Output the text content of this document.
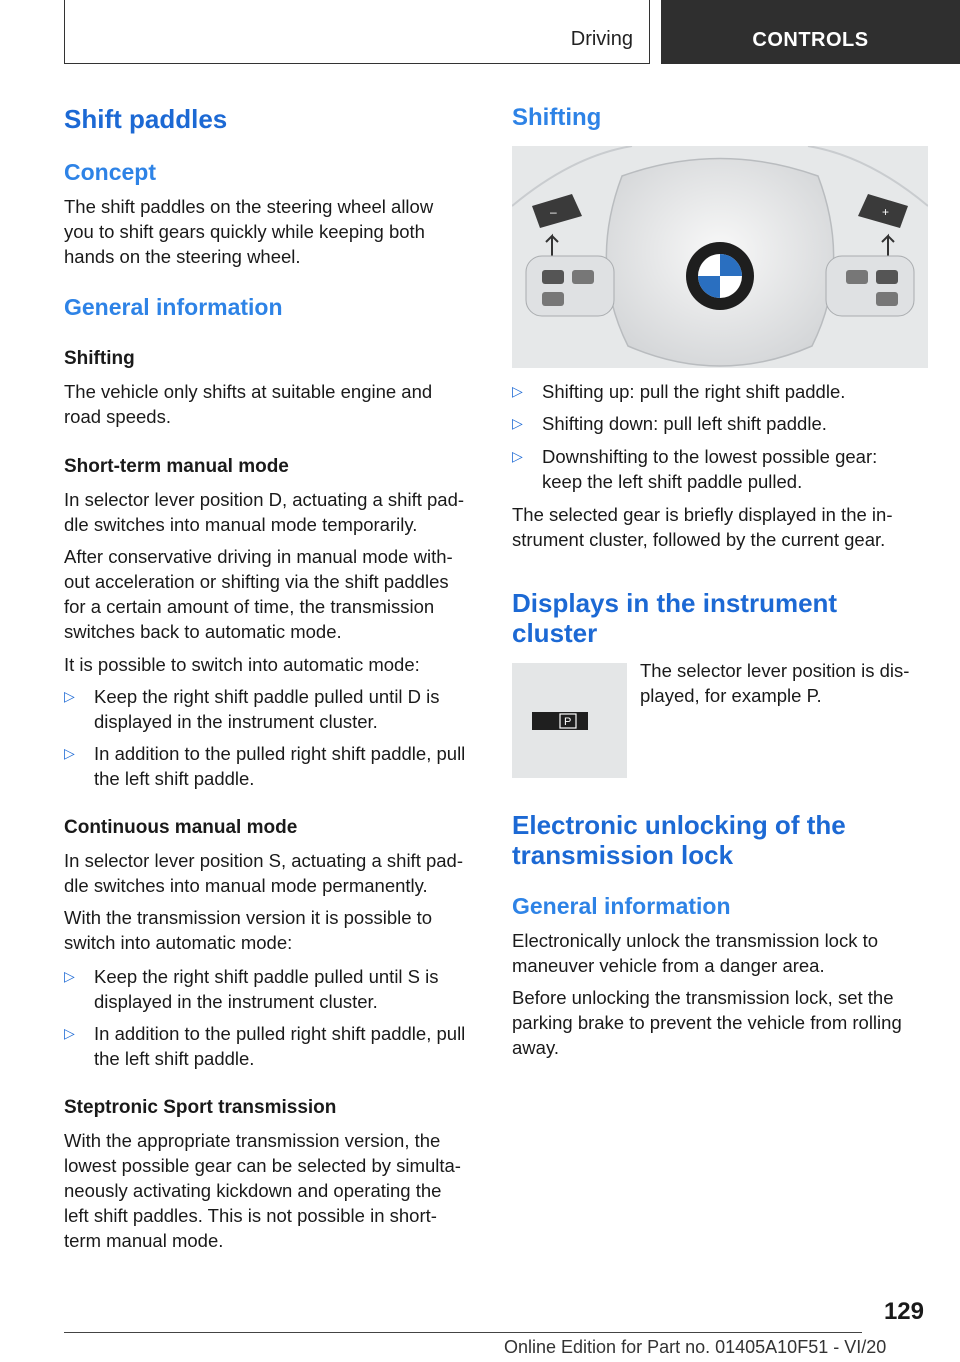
Driving	CONTROLS
Shift paddles
Concept
The shift paddles on the steering wheel allow
you to shift gears quickly while keeping both
hands on the steering wheel.
General information
Shifting
The vehicle only shifts at suitable engine and
road speeds.
Short-term manual mode
In selector lever position D, actuating a shift pad-
dle switches into manual mode temporarily.
After conservative driving in manual mode with-
out acceleration or shifting via the shift paddles
for a certain amount of time, the transmission
switches back to automatic mode.
It is possible to switch into automatic mode:
▷ Keep the right shift paddle pulled until D is
displayed in the instrument cluster.
▷ In addition to the pulled right shift paddle, pull
the left shift paddle.
Continuous manual mode
In selector lever position S, actuating a shift pad-
dle switches into manual mode permanently.
With the transmission version it is possible to
switch into automatic mode:
▷ Keep the right shift paddle pulled until S is
displayed in the instrument cluster.
▷ In addition to the pulled right shift paddle, pull
the left shift paddle.
Steptronic Sport transmission
With the appropriate transmission version, the
lowest possible gear can be selected by simulta-
neously activating kickdown and operating the
left shift paddles. This is not possible in short-
term manual mode.
Shifting
–	+
▷ Shifting up: pull the right shift paddle.
▷ Shifting down: pull left shift paddle.
▷ Downshifting to the lowest possible gear:
keep the left shift paddle pulled.
The selected gear is briefly displayed in the in-
strument cluster, followed by the current gear.
Displays in the instrument
cluster
P
The selector lever position is dis-
played, for example P.
Electronic unlocking of the
transmission lock
General information
Electronically unlock the transmission lock to
maneuver vehicle from a danger area.
Before unlocking the transmission lock, set the
parking brake to prevent the vehicle from rolling
away.
129
Online Edition for Part no. 01405A10F51 - VI/20
